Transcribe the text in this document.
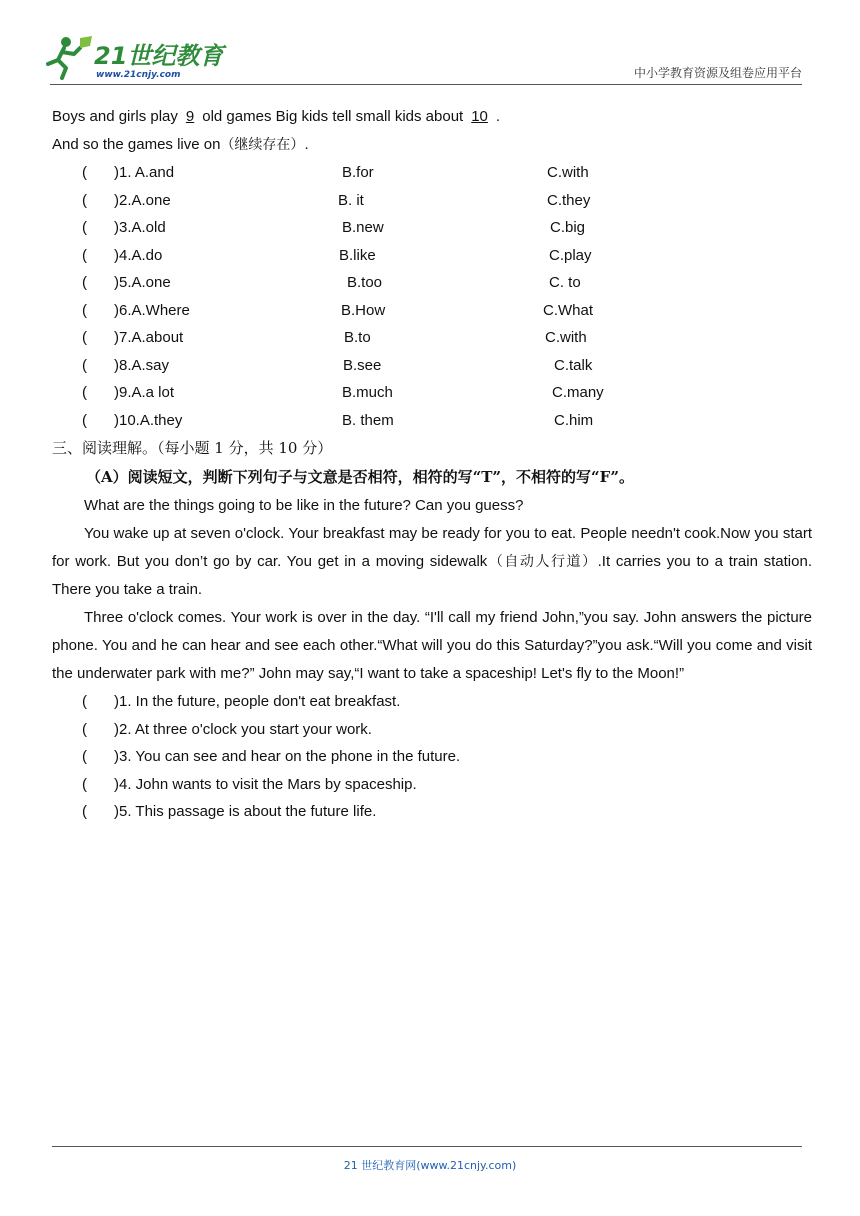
21世纪教育
www.21cnjy.com	中小学教育资源及组卷应用平台
Boys and girls play 9 old games Big kids tell small kids about 10 .
And so the games live on（继续存在）.
( )1. A.and	B.for	C.with
( )2.A.one	B. it	C.they
( )3.A.old	B.new	C.big
( )4.A.do	B.like	C.play
( )5.A.one	B.too	C. to
( )6.A.Where	B.How	C.What
( )7.A.about	B.to	C.with
( )8.A.say	B.see	C.talk
( )9.A.a lot	B.much	C.many
( )10.A.they	B. them	C.him
三、阅读理解。（每小题 1 分，共 10 分）
（A）阅读短文，判断下列句子与文意是否相符，相符的写“T”，不相符的写“F”。

What are the things going to be like in the future? Can you guess?

You wake up at seven o'clock. Your breakfast may be ready for you to eat. People needn't cook.Now you start for work. But you don’t go by car. You get in a moving sidewalk（自动人行道）.It carries you to a train station. There you take a train.

Three o'clock comes. Your work is over in the day. “I'll call my friend John,”you say. John answers the picture phone. You and he can hear and see each other.“What will you do this Saturday?”you ask.“Will you come and visit the underwater park with me?” John may say,“I want to take a spaceship! Let's fly to the Moon!”

( )1. In the future, people don't eat breakfast.
( )2. At three o'clock you start your work.
( )3. You can see and hear on the phone in the future.
( )4. John wants to visit the Mars by spaceship.
( )5. This passage is about the future life.
21 世纪教育网(www.21cnjy.com)
